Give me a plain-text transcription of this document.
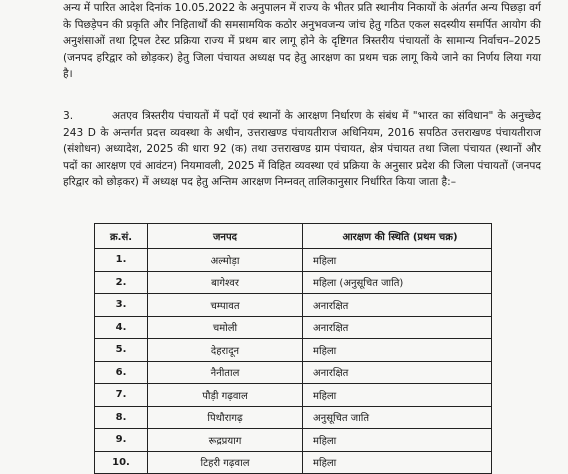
अन्य में पारित आदेश दिनांक 10.05.2022 के अनुपालन में राज्य के भीतर प्रति स्थानीय निकायों के अंतर्गत अन्य पिछड़ा वर्ग के पिछड़ेपन की प्रकृति और निहितार्थों की समसामयिक कठोर अनुभवजन्य जांच हेतु गठित एकल सदस्यीय समर्पित आयोग की अनुशंसाओं तथा ट्रिपल टेस्ट प्रक्रिया राज्य में प्रथम बार लागू होने के दृष्टिगत त्रिस्तरीय पंचायतों के सामान्य निर्वाचन–2025 (जनपद हरिद्वार को छोड़कर) हेतु जिला पंचायत अध्यक्ष पद हेतु आरक्षण का प्रथम चक्र लागू किये जाने का निर्णय लिया गया है।

3.	अतएव त्रिस्तरीय पंचायतों में पदों एवं स्थानों के आरक्षण निर्धारण के संबंध में "भारत का संविधान" के अनुच्छेद 243 D के अन्तर्गत प्रदत्त व्यवस्था के अधीन, उत्तराखण्ड पंचायतीराज अधिनियम, 2016 सपठित उत्तराखण्ड पंचायतीराज (संशोधन) अध्यादेश, 2025 की धारा 92 (क) तथा उत्तराखण्ड ग्राम पंचायत, क्षेत्र पंचायत तथा जिला पंचायत (स्थानों और पदों का आरक्षण एवं आवंटन) नियमावली, 2025 में विहित व्यवस्था एवं प्रक्रिया के अनुसार प्रदेश की जिला पंचायतों (जनपद हरिद्वार को छोड़कर) में अध्यक्ष पद हेतु अन्तिम आरक्षण निम्नवत् तालिकानुसार निर्धारित किया जाता है:–

क्र.सं.	जनपद	आरक्षण की स्थिति (प्रथम चक्र)
1.	अल्मोड़ा	महिला
2.	बागेश्वर	महिला (अनुसूचित जाति)
3.	चम्पावत	अनारक्षित
4.	चमोली	अनारक्षित
5.	देहरादून	महिला
6.	नैनीताल	अनारक्षित
7.	पौड़ी गढ़वाल	महिला
8.	पिथौरागढ़	अनुसूचित जाति
9.	रूद्रप्रयाग	महिला
10.	टिहरी गढ़वाल	महिला
